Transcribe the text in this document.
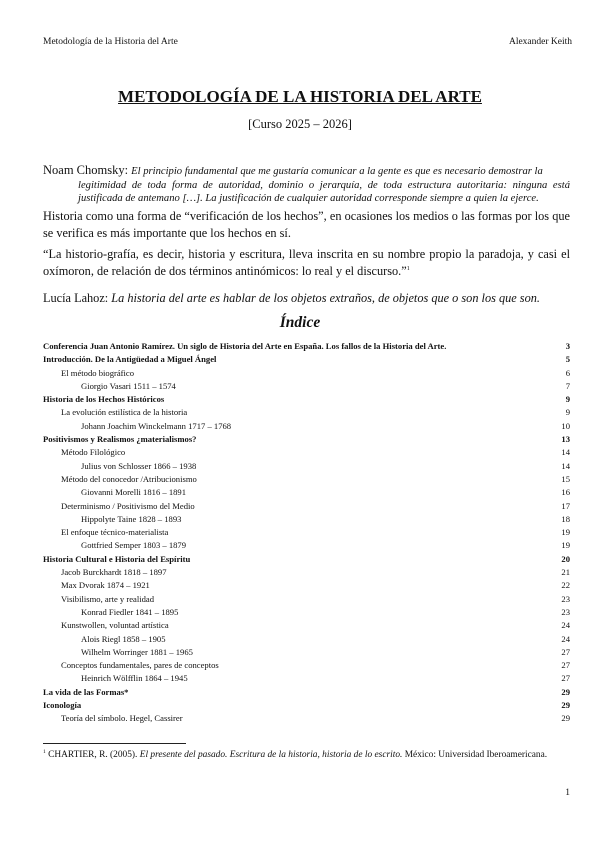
Metodología de la Historia del Arte	Alexander Keith
METODOLOGÍA DE LA HISTORIA DEL ARTE
[Curso 2025 – 2026]
Noam Chomsky: El principio fundamental que me gustaría comunicar a la gente es que es necesario demostrar la
legitimidad de toda forma de autoridad, dominio o jerarquía, de toda estructura autoritaria: ninguna está justificada de antemano […]. La justificación de cualquier autoridad corresponde siempre a quien la ejerce.
Historia como una forma de “verificación de los hechos”, en ocasiones los medios o las formas por los que se verifica es más importante que los hechos en sí.
“La historio-grafía, es decir, historia y escritura, lleva inscrita en su nombre propio la paradoja, y casi el oxímoron, de relación de dos términos antinómicos: lo real y el discurso.”$^1$
Lucía Lahoz: La historia del arte es hablar de los objetos extraños, de objetos que o son los que son.
Índice
Conferencia Juan Antonio Ramírez. Un siglo de Historia del Arte en España. Los fallos de la Historia del Arte.	3
Introducción. De la Antigüedad a Miguel Ángel	5
El método biográfico	6
Giorgio Vasari 1511 – 1574	7
Historia de los Hechos Históricos	9
La evolución estilística de la historia	9
Johann Joachim Winckelmann 1717 – 1768	10
Positivismos y Realismos ¿materialismos?	13
Método Filológico	14
Julius von Schlosser 1866 – 1938	14
Método del conocedor /Atribucionismo	15
Giovanni Morelli 1816 – 1891	16
Determinismo / Positivismo del Medio	17
Hippolyte Taine 1828 – 1893	18
El enfoque técnico-materialista	19
Gottfried Semper 1803 – 1879	19
Historia Cultural e Historia del Espíritu	20
Jacob Burckhardt 1818 – 1897	21
Max Dvorak 1874 – 1921	22
Visibilismo, arte y realidad	23
Konrad Fiedler 1841 – 1895	23
Kunstwollen, voluntad artística	24
Alois Riegl 1858 – 1905	24
Wilhelm Worringer 1881 – 1965	27
Conceptos fundamentales, pares de conceptos	27
Heinrich Wölfflin 1864 – 1945	27
La vida de las Formas*	29
Iconología	29
Teoría del símbolo. Hegel, Cassirer	29
$^1$ CHARTIER, R. (2005). El presente del pasado. Escritura de la historia, historia de lo escrito. México: Universidad Iberoamericana.
1
